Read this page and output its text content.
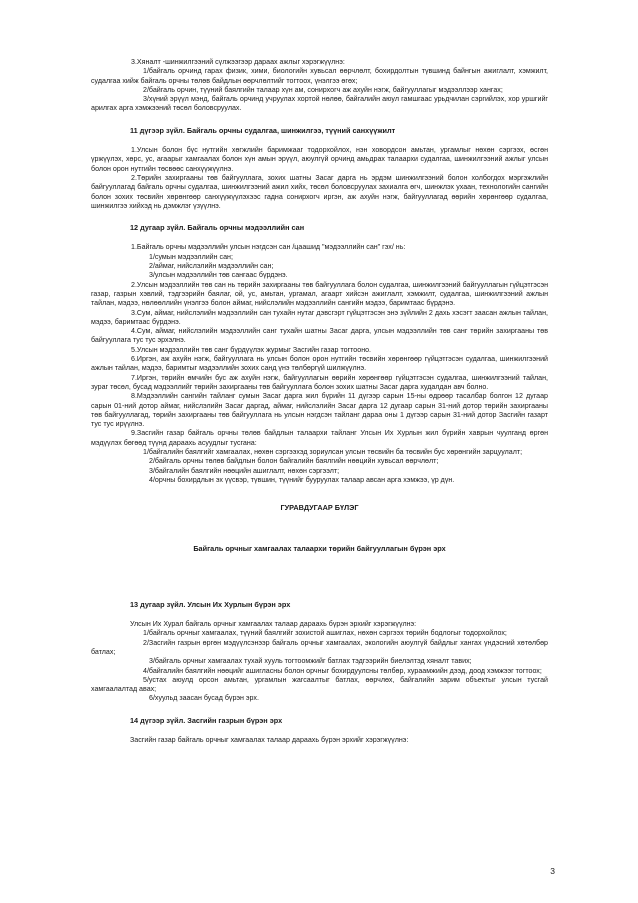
3.Хяналт -шинжилгээний сүлжээгээр дараах ажлыг хэрэгжүүлнэ:

1/байгаль орчинд гарах физик, хими, биологийн хувьсал өөрчлөлт, бохирдолтын түвшинд байнгын ажиглалт, хэмжилт, судалгаа хийж байгаль орчны төлөв байдлын өөрчлөлтийг тогтоох, үнэлгээ өгөх;

2/байгаль орчин, түүний баялгийн талаар хүн ам, сонирхогч аж ахуйн нэгж, байгууллагыг мэдээллээр хангах;

3/хүний эрүүл мэнд, байгаль орчинд учруулах хортой нөлөө, байгалийн аюул гамшгаас урьдчилан сэргийлэх, хор уршгийг арилгах арга хэмжээний төсөл боловсруулах.

11 дүгээр зүйл. Байгаль орчны судалгаа, шинжилгээ, түүний санхүүжилт

1.Улсын болон бүс нутгийн хөгжлийн баримжааг тодорхойлох, нэн ховордсон амьтан, ургамлыг нөхөн сэргээх, өсгөн үржүүлэх, хөрс, ус, агаарыг хамгаалах болон хүн амын эрүүл, аюулгүй орчинд амьдрах талаархи судалгаа, шинжилгээний ажлыг улсын болон орон нутгийн төсвөөс санхүүжүүлнэ.

2.Төрийн захиргааны төв байгууллага, зохих шатны Засаг дарга нь эрдэм шинжилгээний болон холбогдох мэргэжлийн байгууллагад байгаль орчны судалгаа, шинжилгээний ажил хийх, төсөл боловсруулах захиалга өгч, шинжлэх ухаан, технологийн сангийн болон зохих төсвийн хөрөнгөөр санхүүжүүлэхээс гадна сонирхогч иргэн, аж ахуйн нэгж, байгууллагад өөрийн хөрөнгөөр судалгаа, шинжилгээ хийхэд нь дэмжлэг үзүүлнэ.

12 дугаар зүйл. Байгаль орчны мэдээллийн сан

1.Байгаль орчны мэдээллийн улсын нэгдсэн сан /цаашид "мэдээллийн сан" гэх/ нь:

1/сумын мэдээллийн сан;

2/аймаг, нийслэлийн мэдээллийн сан;

3/улсын мэдээллийн төв сангаас бүрдэнэ.

2.Улсын мэдээллийн төв сан нь төрийн захиргааны төв байгууллага болон судалгаа, шинжилгээний байгууллагын гүйцэтгэсэн газар, газрын хэвлий, тэдгээрийн баялаг, ой, ус, амьтан, ургамал, агаарт хийсэн ажиглалт, хэмжилт, судалгаа, шинжилгээний ажлын тайлан, мэдээ, нөлөөллийн үнэлгээ болон аймаг, нийслэлийн мэдээллийн сангийн мэдээ, баримтаас бүрдэнэ.

3.Сум, аймаг, нийслэлийн мэдээллийн сан тухайн нутаг дэвсгэрт гүйцэтгэсэн энэ зүйлийн 2 дахь хэсэгт заасан ажлын тайлан, мэдээ, баримтаас бүрдэнэ.

4.Сум, аймаг, нийслэлийн мэдээллийн санг тухайн шатны Засаг дарга, улсын мэдээллийн төв санг төрийн захиргааны төв байгууллага тус тус эрхэлнэ.

5.Улсын мэдээллийн төв санг бүрдүүлэх журмыг Засгийн газар тогтооно.

6.Иргэн, аж ахуйн нэгж, байгууллага нь улсын болон орон нутгийн төсвийн хөрөнгөөр гүйцэтгэсэн судалгаа, шинжилгээний ажлын тайлан, мэдээ, баримтыг мэдээллийн зохих санд үнэ төлбөргүй шилжүүлнэ.

7.Иргэн, төрийн өмчийн бус аж ахуйн нэгж, байгууллагын өөрийн хөрөнгөөр гүйцэтгэсэн судалгаа, шинжилгээний тайлан, зураг төсөл, бусад мэдээллийг төрийн захиргааны төв байгууллага болон зохих шатны Засаг дарга худалдан авч болно.

8.Мэдээллийн сангийн тайланг сумын Засаг дарга жил бүрийн 11 дүгээр сарын 15-ны өдрөөр тасалбар болгон 12 дугаар сарын 01-ний дотор аймаг, нийслэлийн Засаг даргад, аймаг, нийслэлийн Засаг дарга 12 дугаар сарын 31-ний дотор төрийн захиргааны төв байгууллагад, төрийн захиргааны төв байгууллага нь улсын нэгдсэн тайланг дараа оны 1 дүгээр сарын 31-ний дотор Засгийн газарт тус тус ирүүлнэ.

9.Засгийн газар байгаль орчны төлөв байдлын талаархи тайланг Улсын Их Хурлын жил бүрийн хаврын чуулганд өргөн мэдүүлэх бөгөөд түүнд дараахь асуудлыг тусгана:

1/байгалийн баялгийг хамгаалах, нөхөн сэргээхэд зориулсан улсын төсвийн ба төсвийн бус хөрөнгийн зарцуулалт;

2/байгаль орчны төлөв байдлын болон байгалийн баялгийн нөөцийн хувьсал өөрчлөлт;

3/байгалийн баялгийн нөөцийн ашиглалт, нөхөн сэргээлт;

4/орчны бохирдлын эх үүсвэр, түвшин, түүнийг бууруулах талаар авсан арга хэмжээ, үр дүн.

ГУРАВДУГААР БҮЛЭГ

Байгаль орчныг хамгаалах талаархи төрийн байгууллагын бүрэн эрх

13 дугаар зүйл. Улсын Их Хурлын бүрэн эрх

Улсын Их Хурал байгаль орчныг хамгаалах талаар дараахь бүрэн эрхийг хэрэгжүүлнэ:

1/байгаль орчныг хамгаалах, түүний баялгийг зохистой ашиглах, нөхөн сэргээх төрийн бодлогыг тодорхойлох;

2/Засгийн газрын өргөн мэдүүлсэнээр байгаль орчныг хамгаалах, экологийн аюулгүй байдлыг хангах үндэсний хөтөлбөр батлах;

3/байгаль орчныг хамгаалах тухай хууль тогтоомжийг батлах тэдгээрийн биелэлтэд хяналт тавих;

4/байгалийн баялгийн нөөцийг ашигласны болон орчныг бохирдуулсны төлбөр, хураамжийн дээд, доод хэмжээг тогтоох;

5/устах аюулд орсон амьтан, ургамлын жагсаалтыг батлах, өөрчлөх, байгалийн зарим объектыг улсын тусгай хамгаалалтад авах;

6/хуульд заасан бусад бүрэн эрх.

14 дүгээр зүйл. Засгийн газрын бүрэн эрх

Засгийн газар байгаль орчныг хамгаалах талаар дараахь бүрэн эрхийг хэрэгжүүлнэ:

3
